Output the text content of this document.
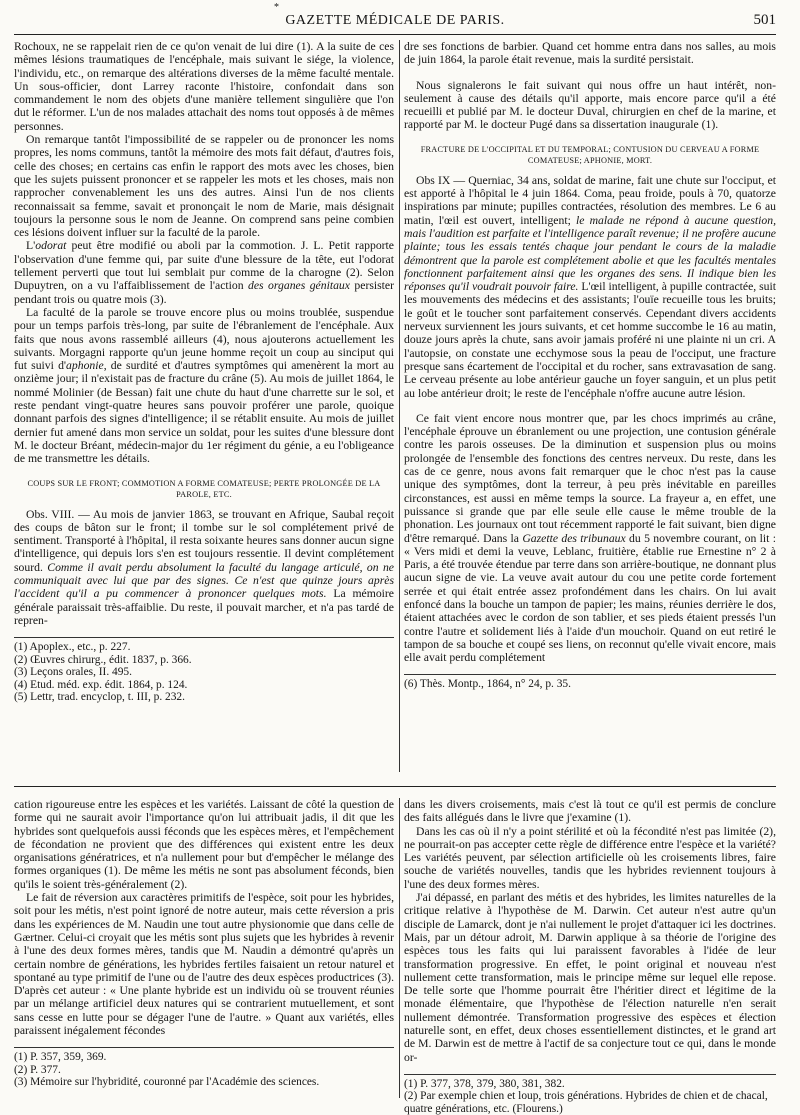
*
GAZETTE MÉDICALE DE PARIS.	501

Rochoux, ne se rappelait rien de ce qu'on venait de lui dire (1). A la suite de ces mêmes lésions traumatiques de l'encéphale, mais suivant le siége, la violence, l'individu, etc., on remarque des altérations diverses de la même faculté mentale. Un sous-officier, dont Larrey raconte l'histoire, confondait dans son commandement le nom des objets d'une manière tellement singulière que l'on dut le réformer. L'un de nos malades attachait des noms tout opposés à de mêmes personnes.

On remarque tantôt l'impossibilité de se rappeler ou de prononcer les noms propres, les noms communs, tantôt la mémoire des mots fait défaut, d'autres fois, celle des choses; en certains cas enfin le rapport des mots avec les choses, bien que les sujets puissent prononcer et se rappeler les mots et les choses, mais non rapprocher convenablement les uns des autres. Ainsi l'un de nos clients reconnaissait sa femme, savait et prononçait le nom de Marie, mais désignait toujours la personne sous le nom de Jeanne. On comprend sans peine combien ces lésions doivent influer sur la faculté de la parole.

L'odorat peut être modifié ou aboli par la commotion. J. L. Petit rapporte l'observation d'une femme qui, par suite d'une blessure de la tête, eut l'odorat tellement perverti que tout lui semblait pur comme de la charogne (2). Selon Dupuytren, on a vu l'affaiblissement de l'action des organes génitaux persister pendant trois ou quatre mois (3).

La faculté de la parole se trouve encore plus ou moins troublée, suspendue pour un temps parfois très-long, par suite de l'ébranlement de l'encéphale. Aux faits que nous avons rassemblé ailleurs (4), nous ajouterons actuellement les suivants. Morgagni rapporte qu'un jeune homme reçoit un coup au sinciput qui fut suivi d'aphonie, de surdité et d'autres symptômes qui amenèrent la mort au onzième jour; il n'existait pas de fracture du crâne (5). Au mois de juillet 1864, le nommé Molinier (de Bessan) fait une chute du haut d'une charrette sur le sol, et reste pendant vingt-quatre heures sans pouvoir proférer une parole, quoique donnant parfois des signes d'intelligence; il se rétablit ensuite. Au mois de juillet dernier fut amené dans mon service un soldat, pour les suites d'une blessure dont M. le docteur Bréant, médecin-major du 1er régiment du génie, a eu l'obligeance de me transmettre les détails.

COUPS SUR LE FRONT; COMMOTION A FORME COMATEUSE; PERTE PROLONGÉE DE LA PAROLE, ETC.

Obs. VIII. — Au mois de janvier 1863, se trouvant en Afrique, Saubal reçoit des coups de bâton sur le front; il tombe sur le sol complétement privé de sentiment. Transporté à l'hôpital, il resta soixante heures sans donner aucun signe d'intelligence, qui depuis lors s'en est toujours ressentie. Il devint complétement sourd. Comme il avait perdu absolument la faculté du langage articulé, on ne communiquait avec lui que par des signes. Ce n'est que quinze jours après l'accident qu'il a pu commencer à prononcer quelques mots. La mémoire générale paraissait très-affaiblie. Du reste, il pouvait marcher, et n'a pas tardé de repren-

(1) Apoplex., etc., p. 227.

(2) Œuvres chirurg., édit. 1837, p. 366.

(3) Leçons orales, II. 495.

(4) Etud. méd. exp. édit. 1864, p. 124.

(5) Lettr, trad. encyclop, t. III, p. 232.

dre ses fonctions de barbier. Quand cet homme entra dans nos salles, au mois de juin 1864, la parole était revenue, mais la surdité persistait.

Nous signalerons le fait suivant qui nous offre un haut intérêt, non-seulement à cause des détails qu'il apporte, mais encore parce qu'il a été recueilli et publié par M. le docteur Duval, chirurgien en chef de la marine, et rapporté par M. le docteur Pugé dans sa dissertation inaugurale (1).

FRACTURE DE L'OCCIPITAL ET DU TEMPORAL; CONTUSION DU CERVEAU A FORME COMATEUSE; APHONIE, MORT.

Obs IX — Querniac, 34 ans, soldat de marine, fait une chute sur l'occiput, et est apporté à l'hôpital le 4 juin 1864. Coma, peau froide, pouls à 70, quatorze inspirations par minute; pupilles contractées, résolution des membres. Le 6 au matin, l'œil est ouvert, intelligent; le malade ne répond à aucune question, mais l'audition est parfaite et l'intelligence paraît revenue; il ne profère aucune plainte; tous les essais tentés chaque jour pendant le cours de la maladie démontrent que la parole est complétement abolie et que les facultés mentales fonctionnent parfaitement ainsi que les organes des sens. Il indique bien les réponses qu'il voudrait pouvoir faire. L'œil intelligent, à pupille contractée, suit les mouvements des médecins et des assistants; l'ouïe recueille tous les bruits; le goût et le toucher sont parfaitement conservés. Cependant divers accidents nerveux surviennent les jours suivants, et cet homme succombe le 16 au matin, douze jours après la chute, sans avoir jamais proféré ni une plainte ni un cri. A l'autopsie, on constate une ecchymose sous la peau de l'occiput, une fracture presque sans écartement de l'occipital et du rocher, sans extravasation de sang. Le cerveau présente au lobe antérieur gauche un foyer sanguin, et un plus petit au lobe antérieur droit; le reste de l'encéphale n'offre aucune autre lésion.

Ce fait vient encore nous montrer que, par les chocs imprimés au crâne, l'encéphale éprouve un ébranlement ou une projection, une contusion générale contre les parois osseuses. De la diminution et suspension plus ou moins prolongée de l'ensemble des fonctions des centres nerveux. Du reste, dans les cas de ce genre, nous avons fait remarquer que le choc n'est pas la cause unique des symptômes, dont la terreur, à peu près inévitable en pareilles circonstances, est aussi en même temps la source. La frayeur a, en effet, une puissance si grande que par elle seule elle cause le même trouble de la phonation. Les journaux ont tout récemment rapporté le fait suivant, bien digne d'être remarqué. Dans la Gazette des tribunaux du 5 novembre courant, on lit : « Vers midi et demi la veuve, Leblanc, fruitière, établie rue Ernestine n° 2 à Paris, a été trouvée étendue par terre dans son arrière-boutique, ne donnant plus aucun signe de vie. La veuve avait autour du cou une petite corde fortement serrée et qui était entrée assez profondément dans les chairs. On lui avait enfoncé dans la bouche un tampon de papier; les mains, réunies derrière le dos, étaient attachées avec le cordon de son tablier, et ses pieds étaient pressés l'un contre l'autre et solidement liés à l'aide d'un mouchoir. Quand on eut retiré le tampon de sa bouche et coupé ses liens, on reconnut qu'elle vivait encore, mais elle avait perdu complétement

(6) Thès. Montp., 1864, n° 24, p. 35.

cation rigoureuse entre les espèces et les variétés. Laissant de côté la question de forme qui ne saurait avoir l'importance qu'on lui attribuait jadis, il dit que les hybrides sont quelquefois aussi féconds que les espèces mères, et l'empêchement de fécondation ne provient que des différences qui existent entre les deux organisations génératrices, et n'a nullement pour but d'empêcher le mélange des formes organiques (1). De même les métis ne sont pas absolument féconds, bien qu'ils le soient très-généralement (2).

Le fait de réversion aux caractères primitifs de l'espèce, soit pour les hybrides, soit pour les métis, n'est point ignoré de notre auteur, mais cette réversion a pris dans les expériences de M. Naudin une tout autre physionomie que dans celle de Gærtner. Celui-ci croyait que les métis sont plus sujets que les hybrides à revenir à l'une des deux formes mères, tandis que M. Naudin a démontré qu'après un certain nombre de générations, les hybrides fertiles faisaient un retour naturel et spontané au type primitif de l'une ou de l'autre des deux espèces productrices (3). D'après cet auteur : « Une plante hybride est un individu où se trouvent réunies par un mélange artificiel deux natures qui se contrarient mutuellement, et sont sans cesse en lutte pour se dégager l'une de l'autre. » Quant aux variétés, elles paraissent inégalement fécondes

(1) P. 357, 359, 369.

(2) P. 377.

(3) Mémoire sur l'hybridité, couronné par l'Académie des sciences.

dans les divers croisements, mais c'est là tout ce qu'il est permis de conclure des faits allégués dans le livre que j'examine (1).

Dans les cas où il n'y a point stérilité et où la fécondité n'est pas limitée (2), ne pourrait-on pas accepter cette règle de différence entre l'espèce et la variété? Les variétés peuvent, par sélection artificielle où les croisements libres, faire souche de variétés nouvelles, tandis que les hybrides reviennent toujours à l'une des deux formes mères.

J'ai dépassé, en parlant des métis et des hybrides, les limites naturelles de la critique relative à l'hypothèse de M. Darwin. Cet auteur n'est autre qu'un disciple de Lamarck, dont je n'ai nullement le projet d'attaquer ici les doctrines. Mais, par un détour adroit, M. Darwin applique à sa théorie de l'origine des espèces tous les faits qui lui paraissent favorables à l'idée de leur transformation progressive. En effet, le point original et nouveau n'est nullement cette transformation, mais le principe même sur lequel elle repose. De telle sorte que l'homme pourrait être l'héritier direct et légitime de la monade élémentaire, que l'hypothèse de l'élection naturelle n'en serait nullement démontrée. Transformation progressive des espèces et élection naturelle sont, en effet, deux choses essentiellement distinctes, et le grand art de M. Darwin est de mettre à l'actif de sa conjecture tout ce qui, dans le monde or-

(1) P. 377, 378, 379, 380, 381, 382.

(2) Par exemple chien et loup, trois générations. Hybrides de chien et de chacal, quatre générations, etc. (Flourens.)
